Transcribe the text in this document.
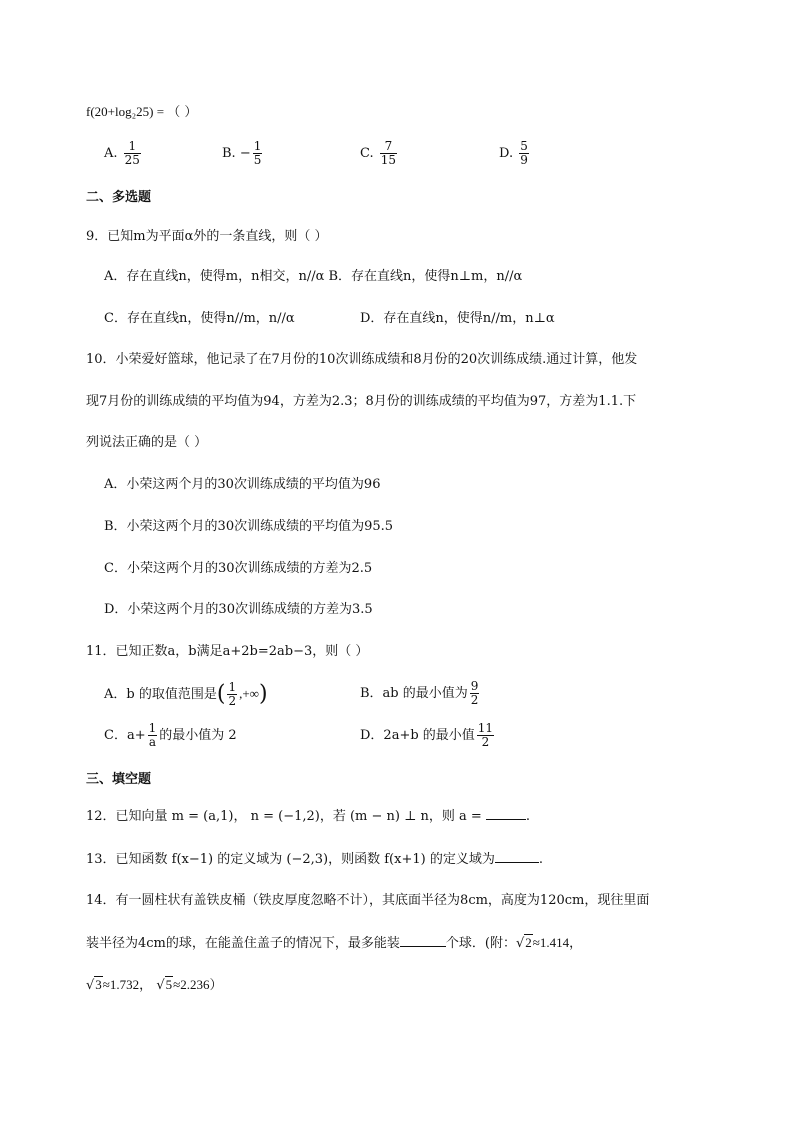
f(20+log₂25) = （ ）
A. $\frac{1}{25}$	B. − $\frac{1}{5}$	C. $\frac{7}{15}$	D. $\frac{5}{9}$
二、多选题
9．已知m为平面α外的一条直线，则（ ）
A．存在直线n，使得m，n相交，n//α B．存在直线n，使得n⊥m，n//α
C．存在直线n，使得n//m，n//α	D．存在直线n，使得n//m，n⊥α
10．小荣爱好篮球，他记录了在7月份的10次训练成绩和8月份的20次训练成绩.通过计算，他发
现7月份的训练成绩的平均值为94，方差为2.3；8月份的训练成绩的平均值为97，方差为1.1.下
列说法正确的是（ ）
A．小荣这两个月的30次训练成绩的平均值为96
B．小荣这两个月的30次训练成绩的平均值为95.5
C．小荣这两个月的30次训练成绩的方差为2.5
D．小荣这两个月的30次训练成绩的方差为3.5
11．已知正数a，b满足a+2b=2ab−3，则（ ）
A．b 的取值范围是( $\frac{1}{2}$ ,+∞)	B．ab 的最小值为 $\frac{9}{2}$
C．$a+ \frac{1}{a}$ 的最小值为 2	D．2a+b 的最小值 $\frac{11}{2}$
三、填空题
12．已知向量 m = (a,1)， n = (−1,2)，若 (m − n) ⊥ n，则 a =	.
13．已知函数 f(x−1) 的定义域为 (−2,3)，则函数 f(x+1) 的定义域为	.
14．有一圆柱状有盖铁皮桶（铁皮厚度忽略不计），其底面半径为8cm，高度为120cm，现往里面
装半径为4cm的球，在能盖住盖子的情况下，最多能装	个球．(附：√2≈1.414，
√3≈1.732， √5≈2.236）
